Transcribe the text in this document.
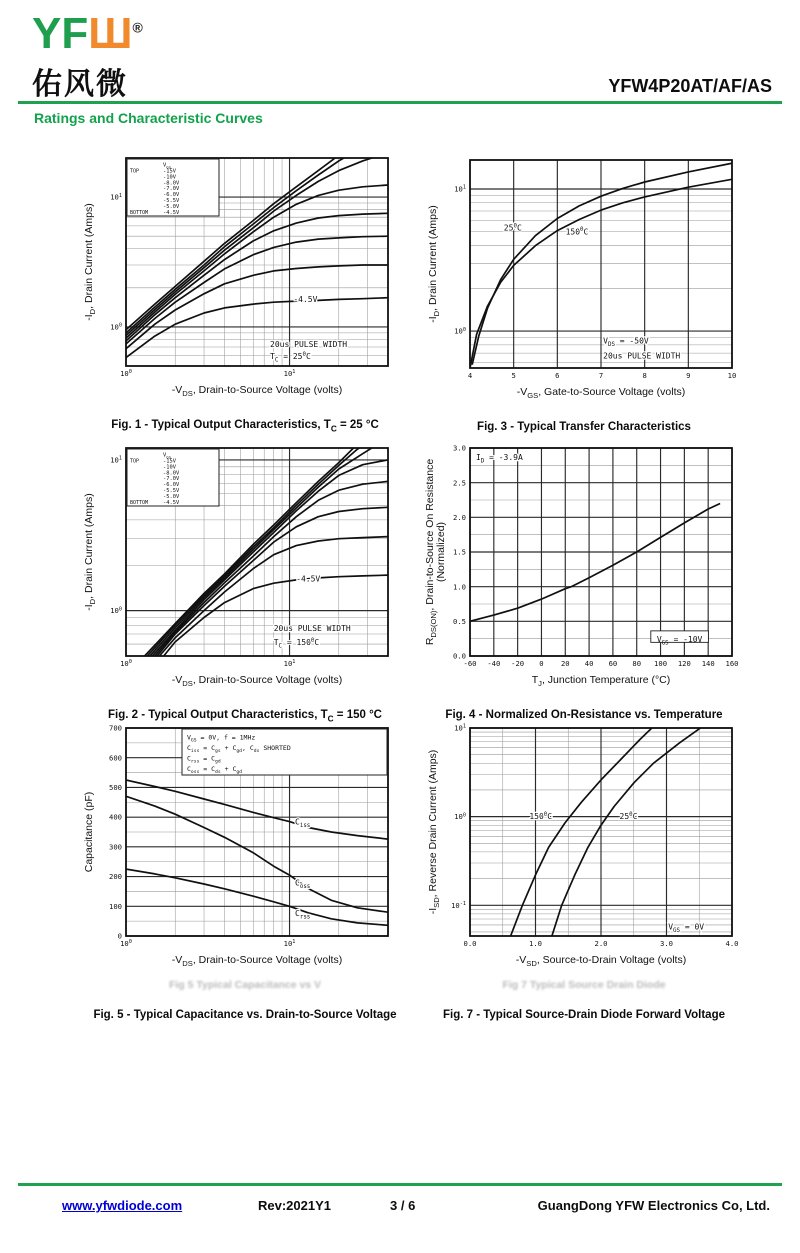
YFШ®
佑风微	YFW4P20AT/AF/AS
Ratings and Characteristic Curves
$V_{GS}$
TOP	-15V
-10V
-8.0V
-7.0V
-6.0V
-5.5V
-5.0V
BOTTOM	-4.5V
-4.5V
20us PULSE WIDTH
$T_C = 25^0C$
$10^0$	$10^1$
$10^0$
$10^1$
$-V_{DS}$, Drain-to-Source Voltage (volts)
$-I_D$, Drain Current (Amps)
Fig. 1 - Typical Output Characteristics, $T_C = 25$ °C
$25^0C$	$150^0C$
$V_{DS} = -50V$
20us PULSE WIDTH
4	5	6	7	8	9	10
$10^0$
$10^1$
$-V_{GS}$, Gate-to-Source Voltage (volts)
$-I_D$, Drain Current (Amps)
Fig. 3 - Typical Transfer Characteristics
$V_{GS}$
TOP	-15V
-10V
-8.0V
-7.0V
-6.0V
-5.5V
-5.0V
BOTTOM	-4.5V
-4.5V
20us PULSE WIDTH
$T_C = 150^0C$
$10^0$	$10^1$
$10^0$
$10^1$
$-V_{DS}$, Drain-to-Source Voltage (volts)
$-I_D$, Drain Current (Amps)
Fig. 2 - Typical Output Characteristics, $T_C = 150$ °C
$I_D = -3.9A$
$V_{GS} = -10V$
-60 -40 -20 0 20 40 60 80 100 120 140 160
0.0
0.5
1.0
1.5
2.0
2.5
3.0
$T_J$, Junction Temperature (°C)
$R_{DS(ON)}$, Drain-to-Source On Resistance (Normalized)
Fig. 4 - Normalized On-Resistance vs. Temperature
$V_{GS} = 0V$, f = 1MHz
$C_{iss} = C_{gs} + C_{gd}$, $C_{ds}$ SHORTED
$C_{rss} = C_{gd}$
$C_{oss} = C_{ds} + C_{gd}$
$C_{iss}$
$C_{oss}$
$C_{rss}$
$10^0$	$10^1$
0
100
200
300
400
500
600
700
$-V_{DS}$, Drain-to-Source Voltage (volts)
Capacitance (pF)
Fig 5 Typical Capacitance vs V
Fig. 5 - Typical Capacitance vs. Drain-to-Source Voltage
$150^0C$	$25^0C$
$V_{GS} = 0V$
0.0	1.0	2.0	3.0	4.0
$10^{-1}$
$10^0$
$10^1$
$-V_{SD}$, Source-to-Drain Voltage (volts)
$-I_{SD}$, Reverse Drain Current (Amps)
Fig 7 Typical Source Drain Diode
Fig. 7 - Typical Source-Drain Diode Forward Voltage
www.yfwdiode.com	Rev:2021Y1	3 / 6	GuangDong YFW Electronics Co, Ltd.
